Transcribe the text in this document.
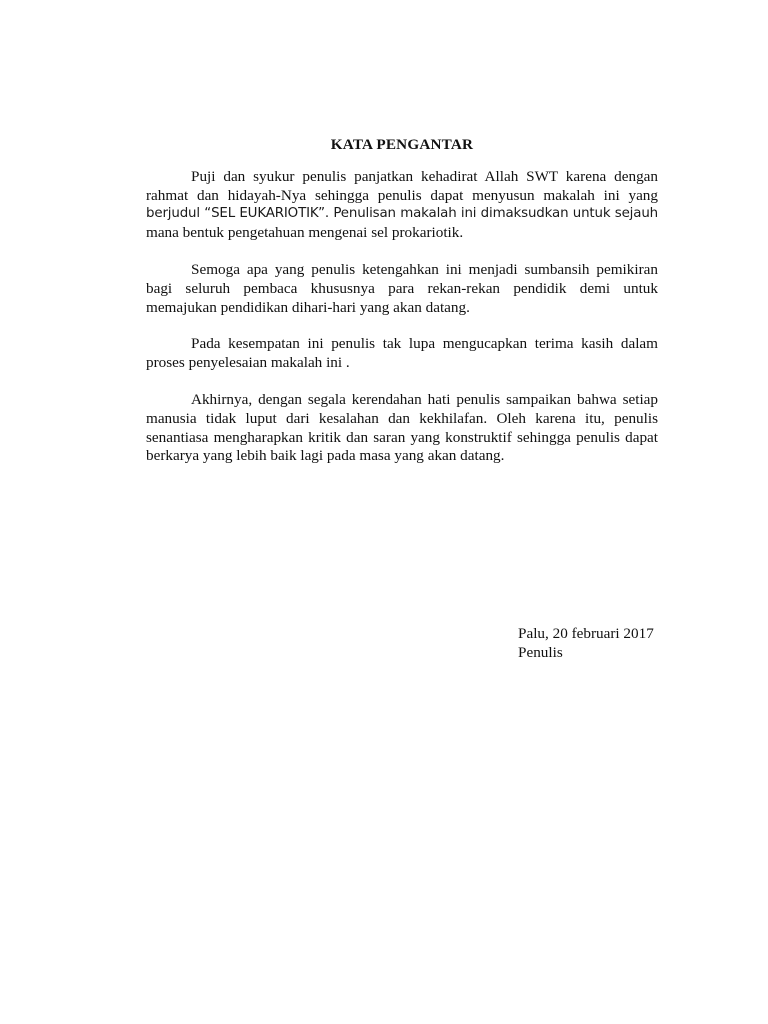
KATA PENGANTAR
Puji dan syukur penulis panjatkan kehadirat Allah SWT karena dengan
rahmat dan hidayah-Nya sehingga penulis dapat menyusun makalah ini yang
berjudul “SEL EUKARIOTIK”. Penulisan makalah ini dimaksudkan untuk sejauh
mana bentuk pengetahuan mengenai sel prokariotik.
Semoga apa yang penulis ketengahkan ini menjadi sumbansih pemikiran
bagi seluruh pembaca khususnya para rekan-rekan pendidik demi untuk
memajukan pendidikan dihari-hari yang akan datang.
Pada kesempatan ini penulis tak lupa mengucapkan terima kasih dalam
proses penyelesaian makalah ini .
Akhirnya, dengan segala kerendahan hati penulis sampaikan bahwa setiap
manusia tidak luput dari kesalahan dan kekhilafan. Oleh karena itu, penulis
senantiasa mengharapkan kritik dan saran yang konstruktif sehingga penulis dapat
berkarya yang lebih baik lagi pada masa yang akan datang.
Palu, 20 februari 2017
Penulis
